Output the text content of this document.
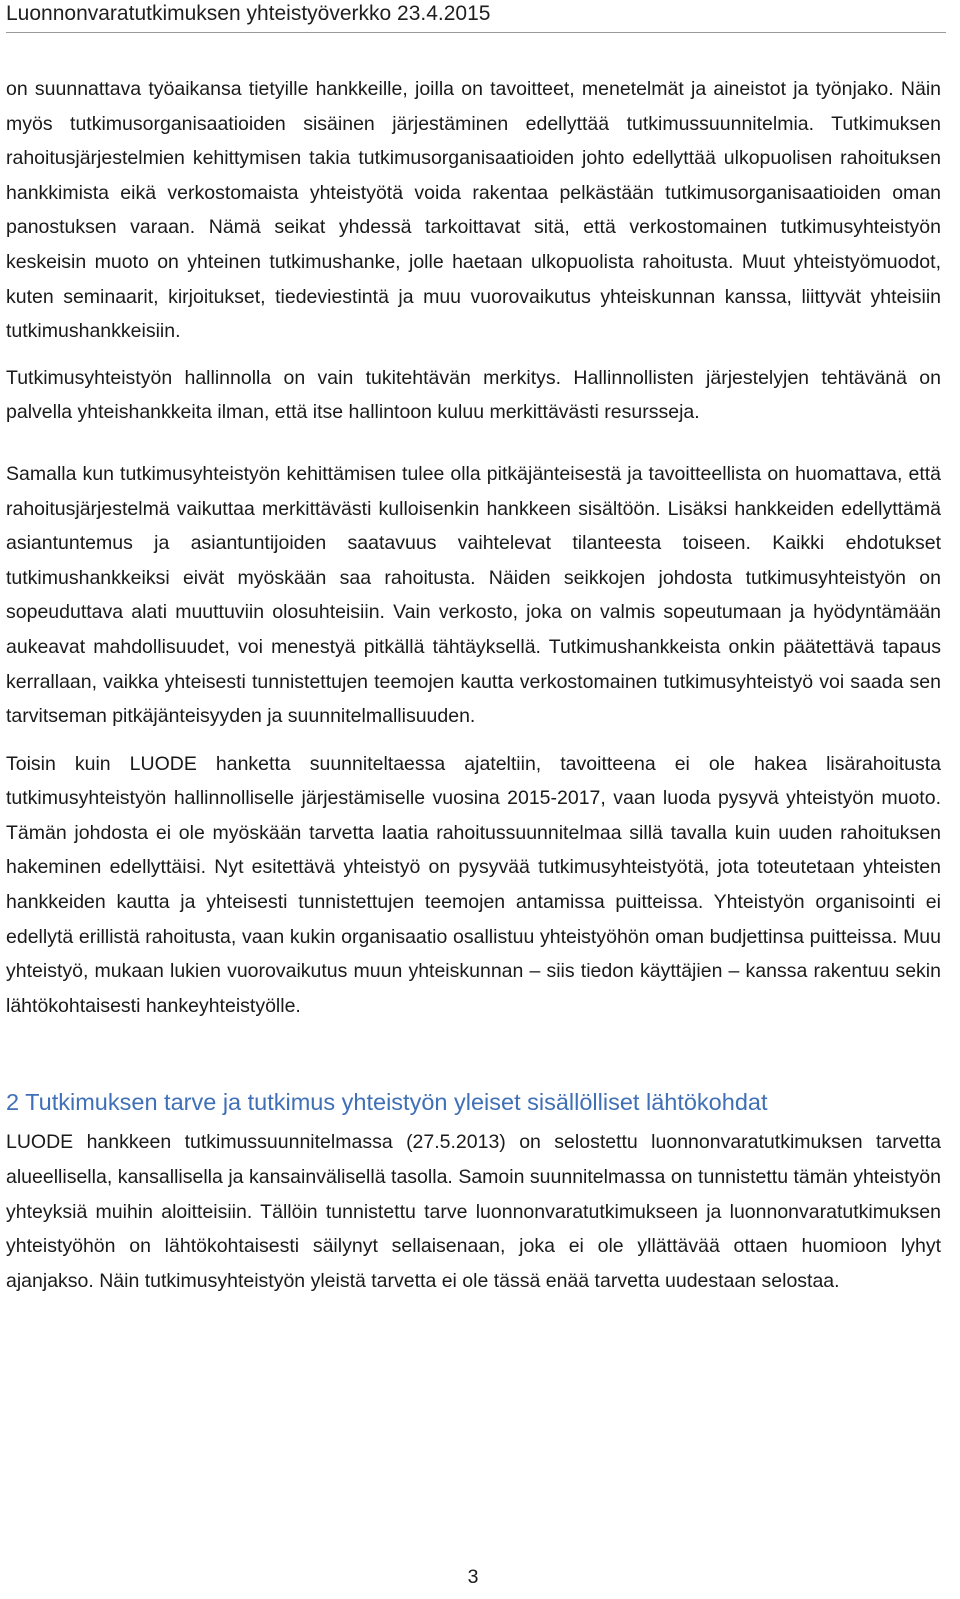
Luonnonvaratutkimuksen yhteistyöverkko 23.4.2015

on suunnattava työaikansa tietyille hankkeille, joilla on tavoitteet, menetelmät ja aineistot ja työnjako. Näin myös tutkimusorganisaatioiden sisäinen järjestäminen edellyttää tutkimussuunnitelmia. Tutkimuksen rahoitusjärjestelmien kehittymisen takia tutkimusorganisaatioiden johto edellyttää ulkopuolisen rahoituksen hankkimista eikä verkostomaista yhteistyötä voida rakentaa pelkästään tutkimusorganisaatioiden oman panostuksen varaan. Nämä seikat yhdessä tarkoittavat sitä, että verkostomainen tutkimusyhteistyön keskeisin muoto on yhteinen tutkimushanke, jolle haetaan ulkopuolista rahoitusta. Muut yhteistyömuodot, kuten seminaarit, kirjoitukset, tiedeviestintä ja muu vuorovaikutus yhteiskunnan kanssa, liittyvät yhteisiin tutkimushankkeisiin.

Tutkimusyhteistyön hallinnolla on vain tukitehtävän merkitys. Hallinnollisten järjestelyjen tehtävänä on palvella yhteishankkeita ilman, että itse hallintoon kuluu merkittävästi resursseja.

Samalla kun tutkimusyhteistyön kehittämisen tulee olla pitkäjänteisestä ja tavoitteellista on huomattava, että rahoitusjärjestelmä vaikuttaa merkittävästi kulloisenkin hankkeen sisältöön. Lisäksi hankkeiden edellyttämä asiantuntemus ja asiantuntijoiden saatavuus vaihtelevat tilanteesta toiseen. Kaikki ehdotukset tutkimushankkeiksi eivät myöskään saa rahoitusta. Näiden seikkojen johdosta tutkimusyhteistyön on sopeuduttava alati muuttuviin olosuhteisiin. Vain verkosto, joka on valmis sopeutumaan ja hyödyntämään aukeavat mahdollisuudet, voi menestyä pitkällä tähtäyksellä. Tutkimushankkeista onkin päätettävä tapaus kerrallaan, vaikka yhteisesti tunnistettujen teemojen kautta verkostomainen tutkimusyhteistyö voi saada sen tarvitseman pitkäjänteisyyden ja suunnitelmallisuuden.

Toisin kuin LUODE hanketta suunniteltaessa ajateltiin, tavoitteena ei ole hakea lisärahoitusta tutkimusyhteistyön hallinnolliselle järjestämiselle vuosina 2015-2017, vaan luoda pysyvä yhteistyön muoto. Tämän johdosta ei ole myöskään tarvetta laatia rahoitussuunnitelmaa sillä tavalla kuin uuden rahoituksen hakeminen edellyttäisi. Nyt esitettävä yhteistyö on pysyvää tutkimusyhteistyötä, jota toteutetaan yhteisten hankkeiden kautta ja yhteisesti tunnistettujen teemojen antamissa puitteissa. Yhteistyön organisointi ei edellytä erillistä rahoitusta, vaan kukin organisaatio osallistuu yhteistyöhön oman budjettinsa puitteissa. Muu yhteistyö, mukaan lukien vuorovaikutus muun yhteiskunnan – siis tiedon käyttäjien – kanssa rakentuu sekin lähtökohtaisesti hankeyhteistyölle.

2 Tutkimuksen tarve ja tutkimus yhteistyön yleiset sisällölliset lähtökohdat

LUODE hankkeen tutkimussuunnitelmassa (27.5.2013) on selostettu luonnonvaratutkimuksen tarvetta alueellisella, kansallisella ja kansainvälisellä tasolla. Samoin suunnitelmassa on tunnistettu tämän yhteistyön yhteyksiä muihin aloitteisiin. Tällöin tunnistettu tarve luonnonvaratutkimukseen ja luonnonvaratutkimuksen yhteistyöhön on lähtökohtaisesti säilynyt sellaisenaan, joka ei ole yllättävää ottaen huomioon lyhyt ajanjakso. Näin tutkimusyhteistyön yleistä tarvetta ei ole tässä enää tarvetta uudestaan selostaa.

3
